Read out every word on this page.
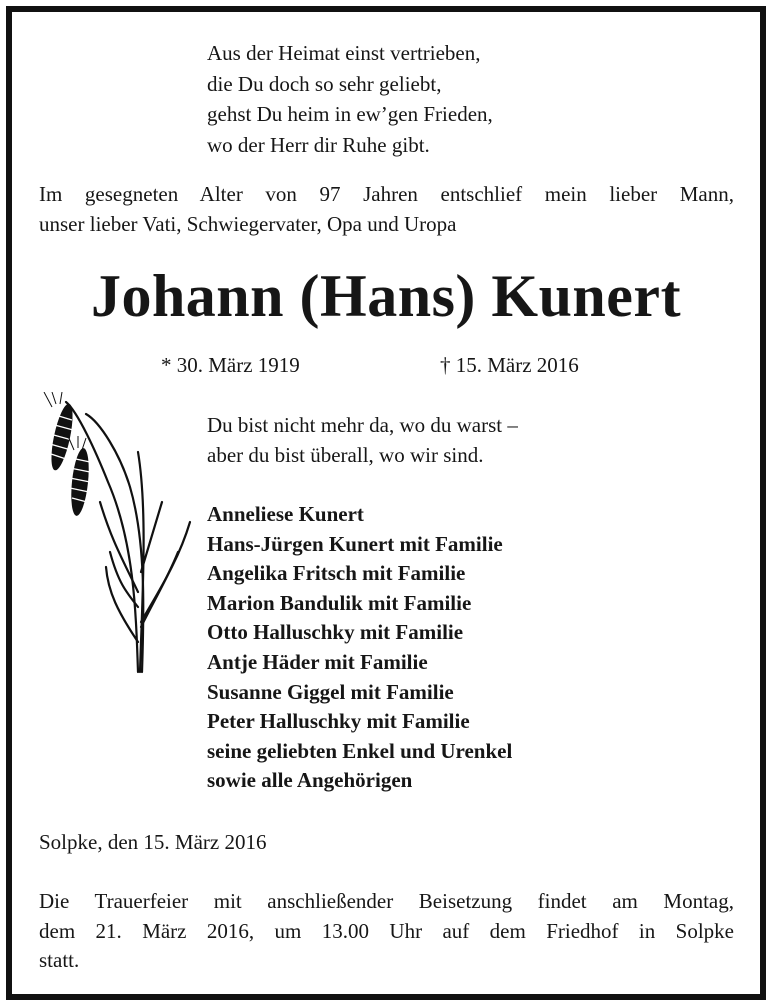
Aus der Heimat einst vertrieben,
die Du doch so sehr geliebt,
gehst Du heim in ew’gen Frieden,
wo der Herr dir Ruhe gibt.
Im gesegneten Alter von 97 Jahren entschlief mein lieber Mann,
unser lieber Vati, Schwiegervater, Opa und Uropa
Johann (Hans) Kunert
* 30. März 1919	† 15. März 2016
Du bist nicht mehr da, wo du warst –
aber du bist überall, wo wir sind.
Anneliese Kunert
Hans-Jürgen Kunert mit Familie
Angelika Fritsch mit Familie
Marion Bandulik mit Familie
Otto Halluschky mit Familie
Antje Häder mit Familie
Susanne Giggel mit Familie
Peter Halluschky mit Familie
seine geliebten Enkel und Urenkel
sowie alle Angehörigen
Solpke, den 15. März 2016
Die Trauerfeier mit anschließender Beisetzung findet am Montag,
dem 21. März 2016, um 13.00 Uhr auf dem Friedhof in Solpke
statt.
